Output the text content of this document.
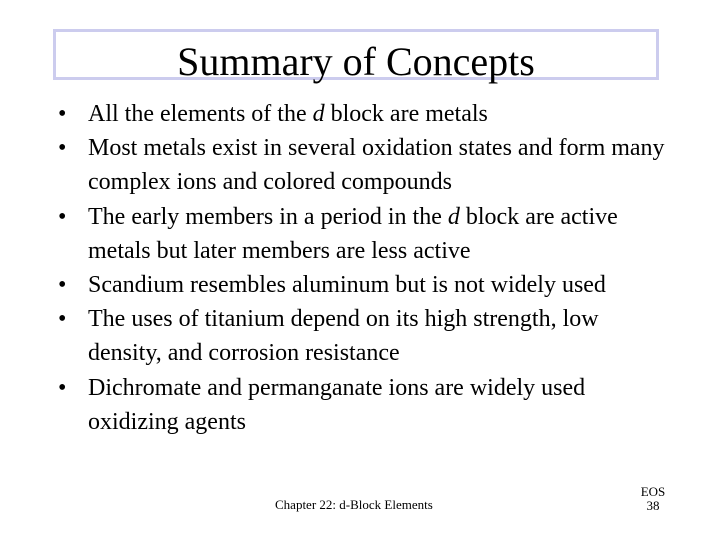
Summary of Concepts
• All the elements of the d block are metals
• Most metals exist in several oxidation states and form many complex ions and colored compounds
• The early members in a period in the d block are active metals but later members are less active
• Scandium resembles aluminum but is not widely used
• The uses of titanium depend on its high strength, low density, and corrosion resistance
• Dichromate and permanganate ions are widely used oxidizing agents
Chapter 22: d-Block Elements
EOS
38
